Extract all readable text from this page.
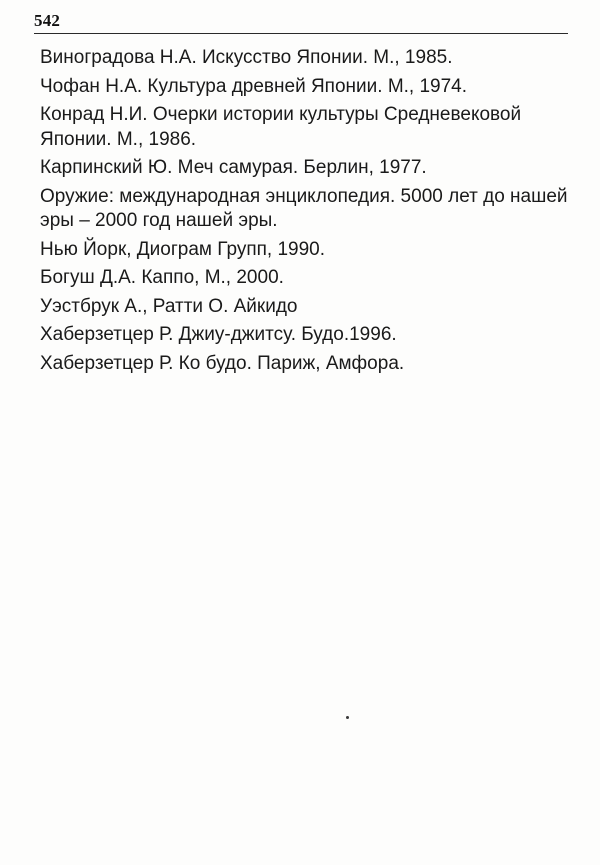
542
Виноградова Н.А. Искусство Японии. М., 1985.
Чофан Н.А. Культура древней Японии. М., 1974.
Конрад Н.И. Очерки истории культуры Средневековой Японии. М., 1986.
Карпинский Ю. Меч самурая. Берлин, 1977.
Оружие: международная энциклопедия. 5000 лет до нашей эры – 2000 год нашей эры.
Нью Йорк, Диограм Групп, 1990.
Богуш Д.А. Каппо, М., 2000.
Уэстбрук А., Ратти О. Айкидо
Хаберзетцер Р. Джиу-джитсу. Будо.1996.
Хаберзетцер Р. Ко будо. Париж, Амфора.
